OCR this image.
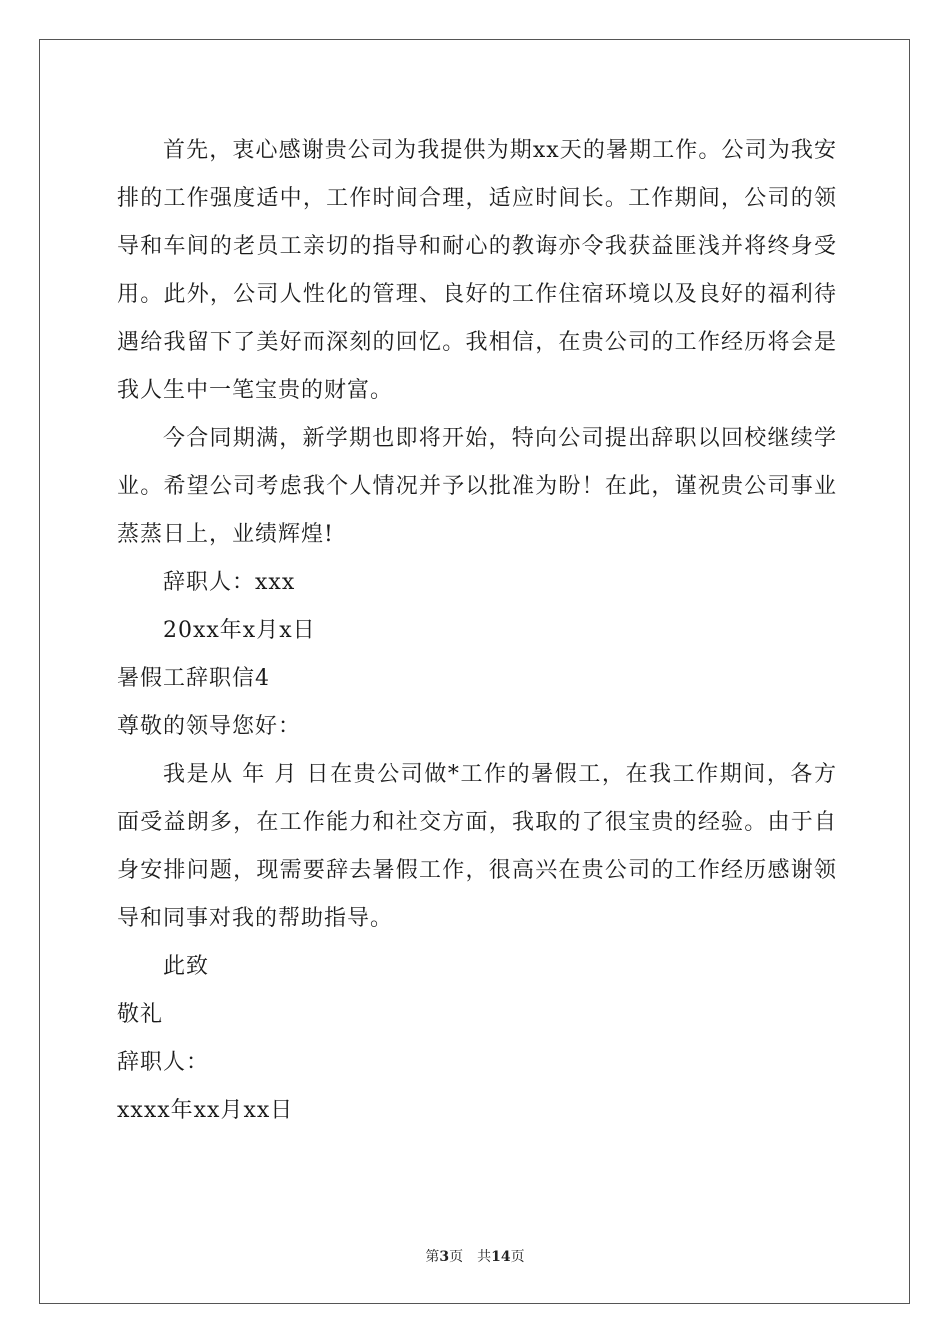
首先，衷心感谢贵公司为我提供为期xx天的暑期工作。公司为我安排的工作强度适中，工作时间合理，适应时间长。工作期间，公司的领导和车间的老员工亲切的指导和耐心的教诲亦令我获益匪浅并将终身受用。此外，公司人性化的管理、良好的工作住宿环境以及良好的福利待遇给我留下了美好而深刻的回忆。我相信，在贵公司的工作经历将会是我人生中一笔宝贵的财富。

今合同期满，新学期也即将开始，特向公司提出辞职以回校继续学业。希望公司考虑我个人情况并予以批准为盼！在此，谨祝贵公司事业蒸蒸日上，业绩辉煌!

辞职人：xxx

20xx年x月x日

暑假工辞职信4

尊敬的领导您好：

我是从 年 月 日在贵公司做*工作的暑假工，在我工作期间，各方面受益朗多，在工作能力和社交方面，我取的了很宝贵的经验。由于自身安排问题，现需要辞去暑假工作，很高兴在贵公司的工作经历感谢领导和同事对我的帮助指导。

此致

敬礼

辞职人：

xxxx年xx月xx日

第3页 共14页
